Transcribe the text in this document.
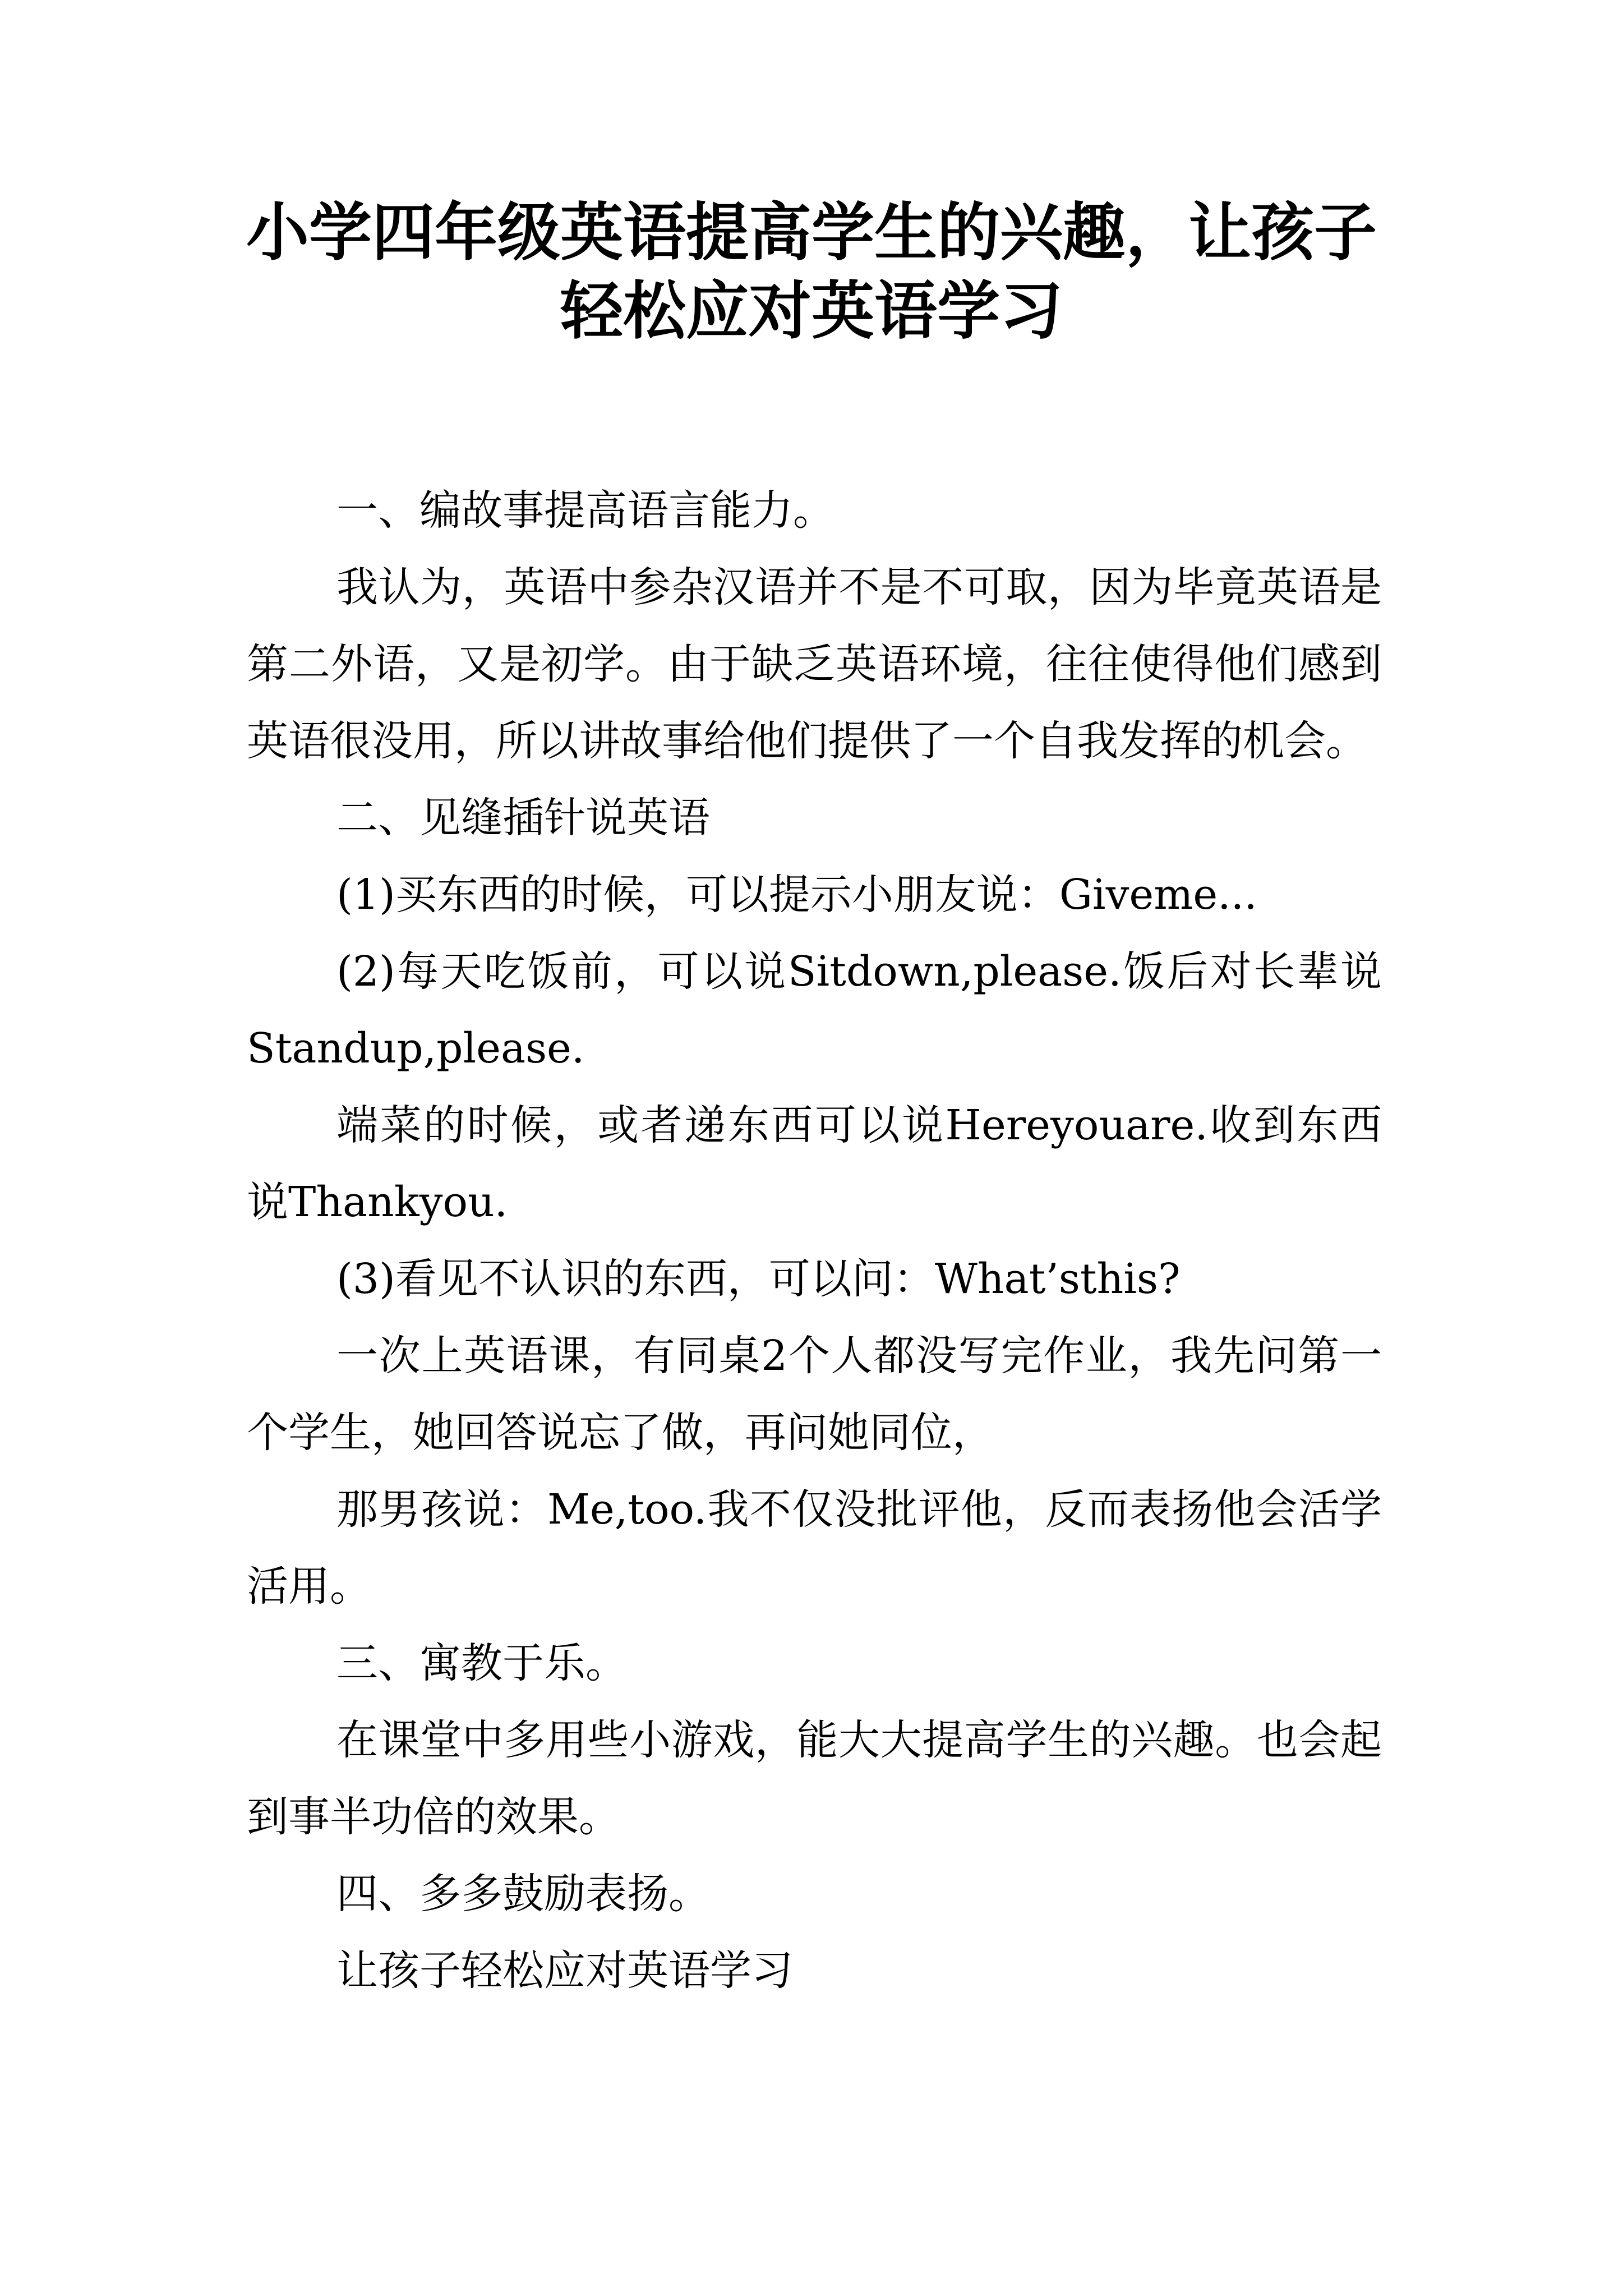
小学四年级英语提高学生的兴趣，让孩子轻松应对英语学习

一、编故事提高语言能力。

我认为，英语中参杂汉语并不是不可取，因为毕竟英语是第二外语，又是初学。由于缺乏英语环境，往往使得他们感到英语很没用，所以讲故事给他们提供了一个自我发挥的机会。

二、见缝插针说英语

(1)买东西的时候，可以提示小朋友说：Giveme...

(2)每天吃饭前，可以说Sitdown,please.饭后对长辈说Standup,please.

端菜的时候，或者递东西可以说Hereyouare.收到东西说Thankyou.

(3)看见不认识的东西，可以问：What’sthis?

一次上英语课，有同桌2个人都没写完作业，我先问第一个学生，她回答说忘了做，再问她同位，

那男孩说：Me,too.我不仅没批评他，反而表扬他会活学活用。

三、寓教于乐。

在课堂中多用些小游戏，能大大提高学生的兴趣。也会起到事半功倍的效果。

四、多多鼓励表扬。

让孩子轻松应对英语学习
